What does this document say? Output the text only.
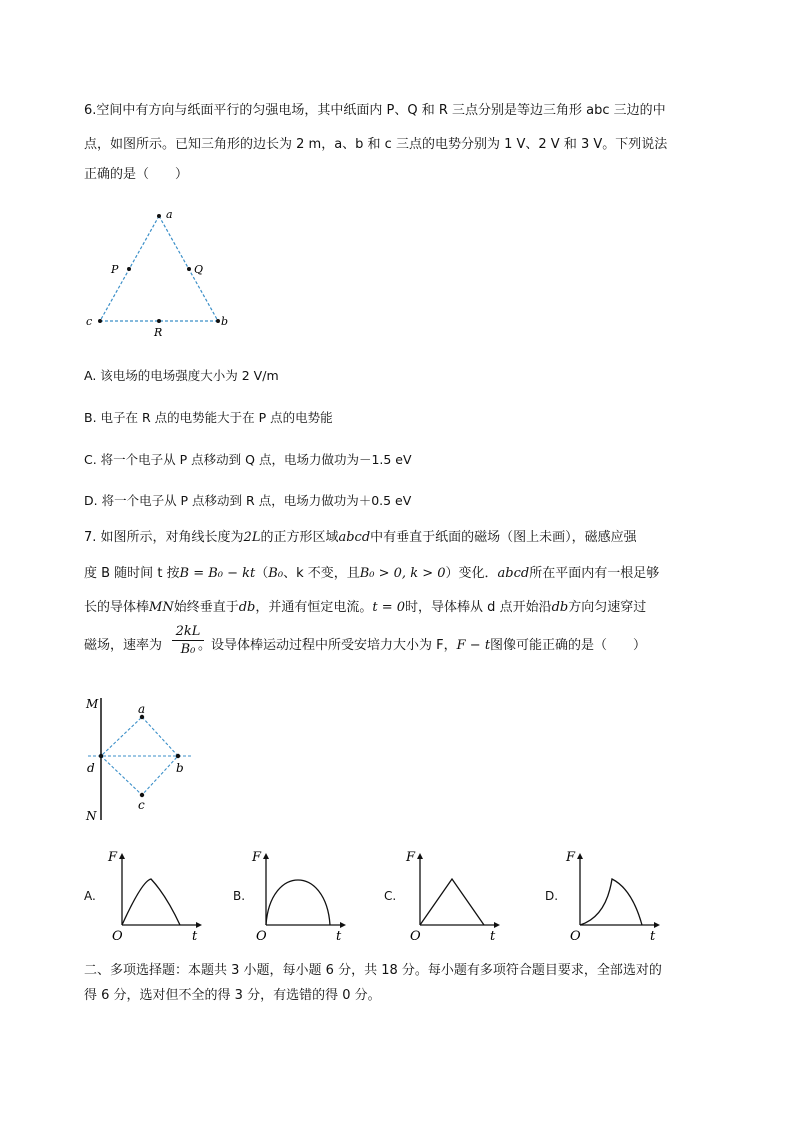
6.空间中有方向与纸面平行的匀强电场，其中纸面内 P、Q 和 R 三点分别是等边三角形 abc 三边的中
点，如图所示。已知三角形的边长为 2 m，a、b 和 c 三点的电势分别为 1 V、2 V 和 3 V。下列说法
正确的是（　　）
a
c	b
P	Q
R
A. 该电场的电场强度大小为 2 V/m
B. 电子在 R 点的电势能大于在 P 点的电势能
C. 将一个电子从 P 点移动到 Q 点，电场力做功为－1.5 eV
D. 将一个电子从 P 点移动到 R 点，电场力做功为＋0.5 eV
7. 如图所示，对角线长度为2L的正方形区域abcd中有垂直于纸面的磁场（图上未画），磁感应强
度 B 随时间 t 按B = B₀ − kt（B₀、k 不变，且B₀ > 0, k > 0）变化．abcd所在平面内有一根足够
长的导体棒MN始终垂直于db，并通有恒定电流。t = 0时，导体棒从 d 点开始沿db方向匀速穿过
磁场，速率为	。设导体棒运动过程中所受安培力大小为 F，F − t图像可能正确的是（　　）
2kL
B₀
M
N
a
b
c
d
A.
F
O	t
B.
F
O	t
C.
F
O	t
D.
F
O	t
二、多项选择题：本题共 3 小题，每小题 6 分，共 18 分。每小题有多项符合题目要求，全部选对的
得 6 分，选对但不全的得 3 分，有选错的得 0 分。
